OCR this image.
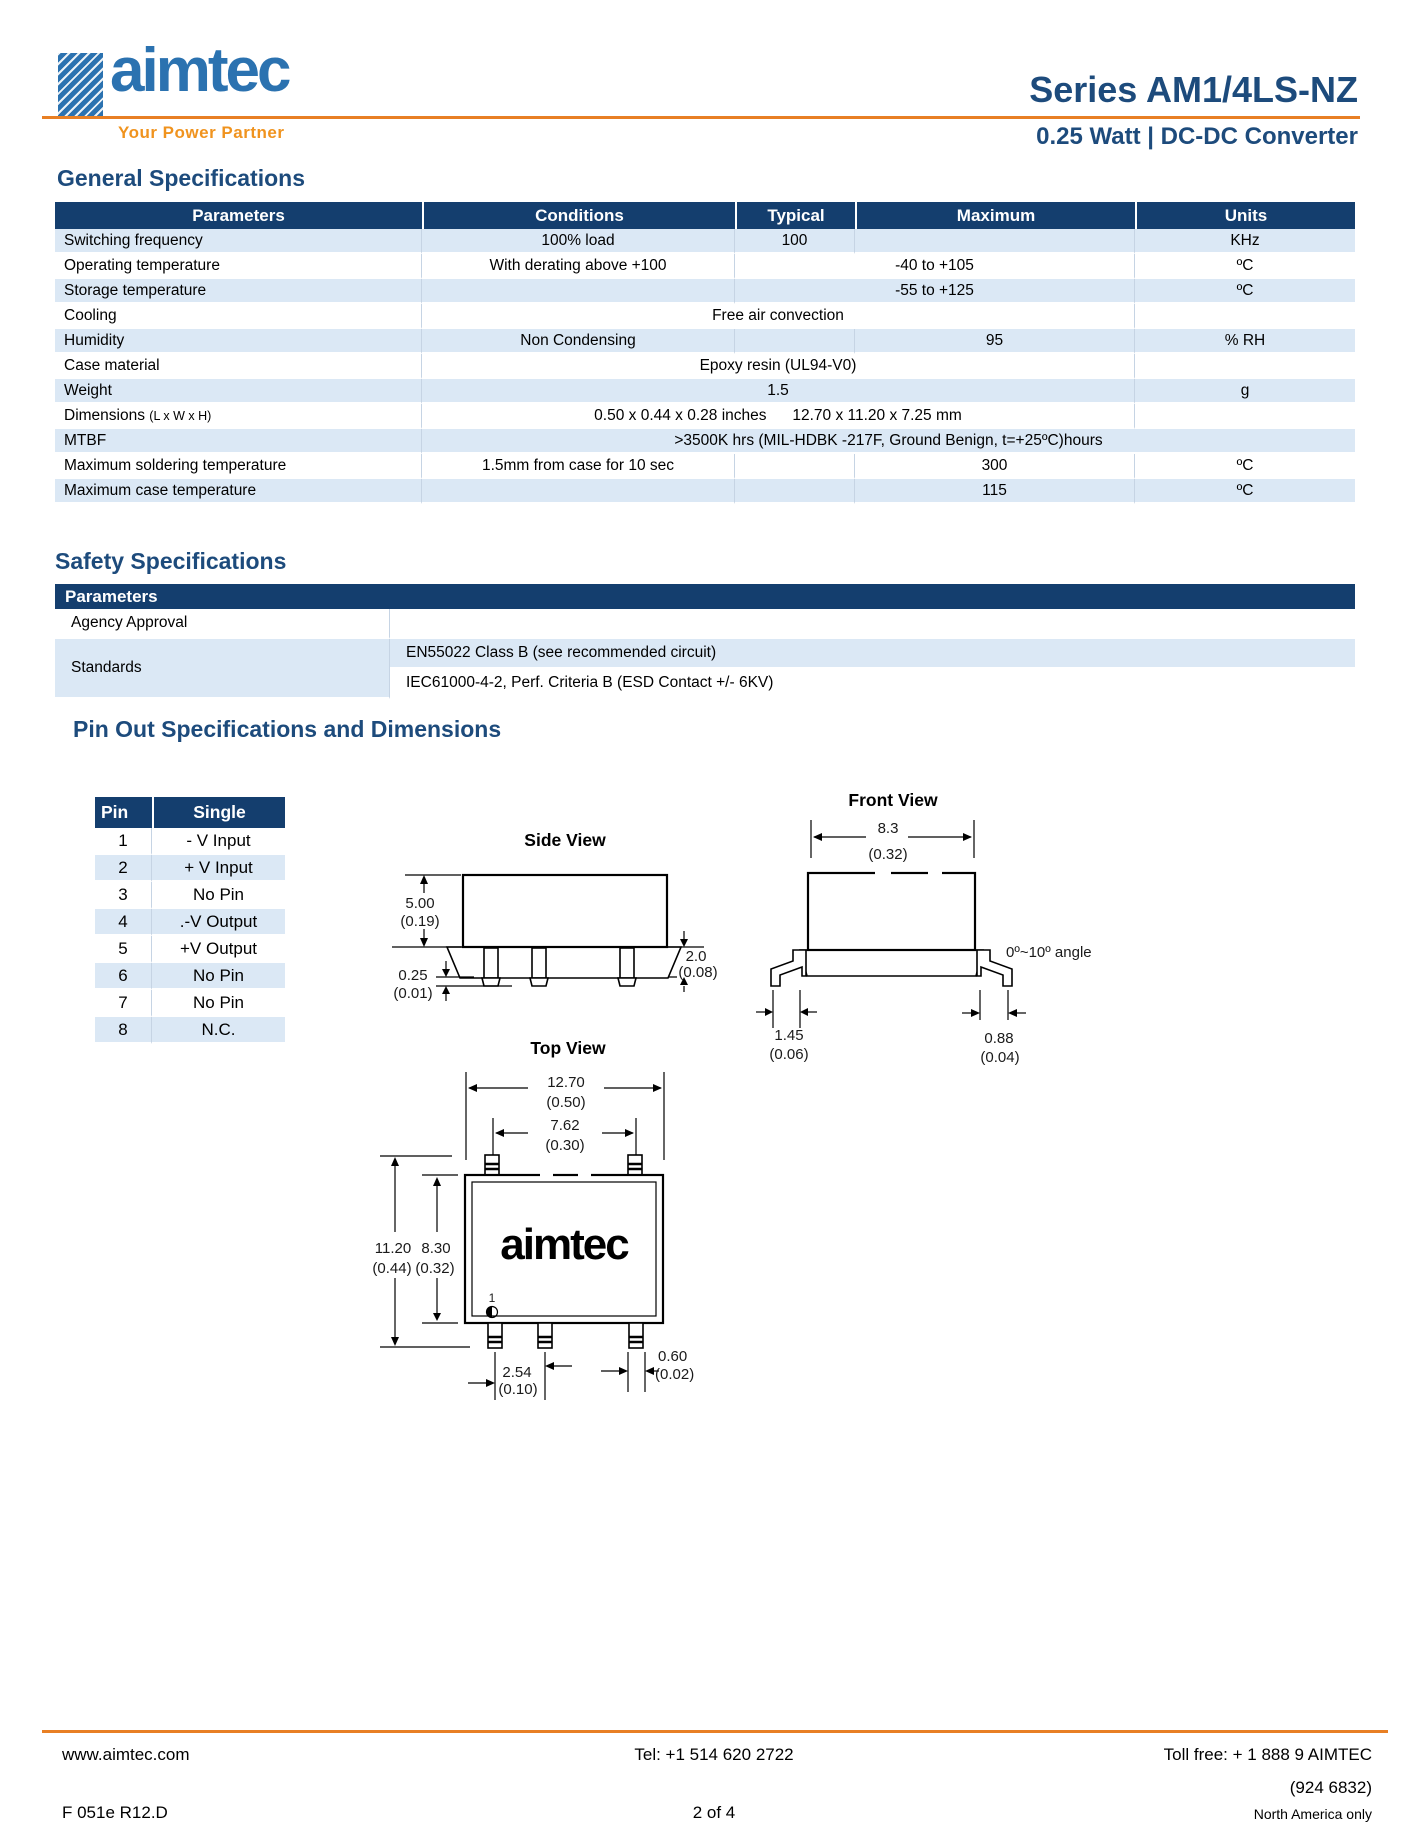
aimtec
Your Power Partner
Series AM1/4LS-NZ
0.25 Watt | DC-DC Converter
General Specifications
Parameters	Conditions	Typical	Maximum	Units
Switching frequency	100% load	100		KHz
Operating temperature	With derating above +100	-40 to +105		ºC
Storage temperature		-55 to +125		ºC
Cooling	Free air convection			
Humidity	Non Condensing		95	% RH
Case material	Epoxy resin (UL94-V0)			
Weight	1.5			g
Dimensions (L x W x H)	0.50 x 0.44 x 0.28 inches      12.70 x 11.20 x 7.25 mm			
MTBF	>3500K hrs (MIL-HDBK -217F, Ground Benign, t=+25ºC)hours			
Maximum soldering temperature	1.5mm from case for 10 sec		300	ºC
Maximum case temperature			115	ºC
Safety Specifications
Parameters	
Agency Approval	
Standards	EN55022 Class B (see recommended circuit)
	IEC61000-4-2, Perf. Criteria B (ESD Contact +/- 6KV)
Pin Out Specifications and Dimensions
Pin	Single
1	- V Input
2	+ V Input
3	No Pin
4	.-V Output
5	+V Output
6	No Pin
7	No Pin
8	N.C.
Side View
5.00
(0.19)
0.25
(0.01)
2.0
(0.08)
Front View
8.3
(0.32)
0º~10º angle
1.45
(0.06)
0.88
(0.04)
Top View
12.70
(0.50)
7.62
(0.30)
aimtec
1
11.20 8.30
(0.44) (0.32)
2.54
(0.10)
0.60
(0.02)
www.aimtec.com	Tel: +1 514 620 2722	Toll free: + 1 888 9 AIMTEC
(924 6832)
F 051e R12.D	2 of 4	North America only
